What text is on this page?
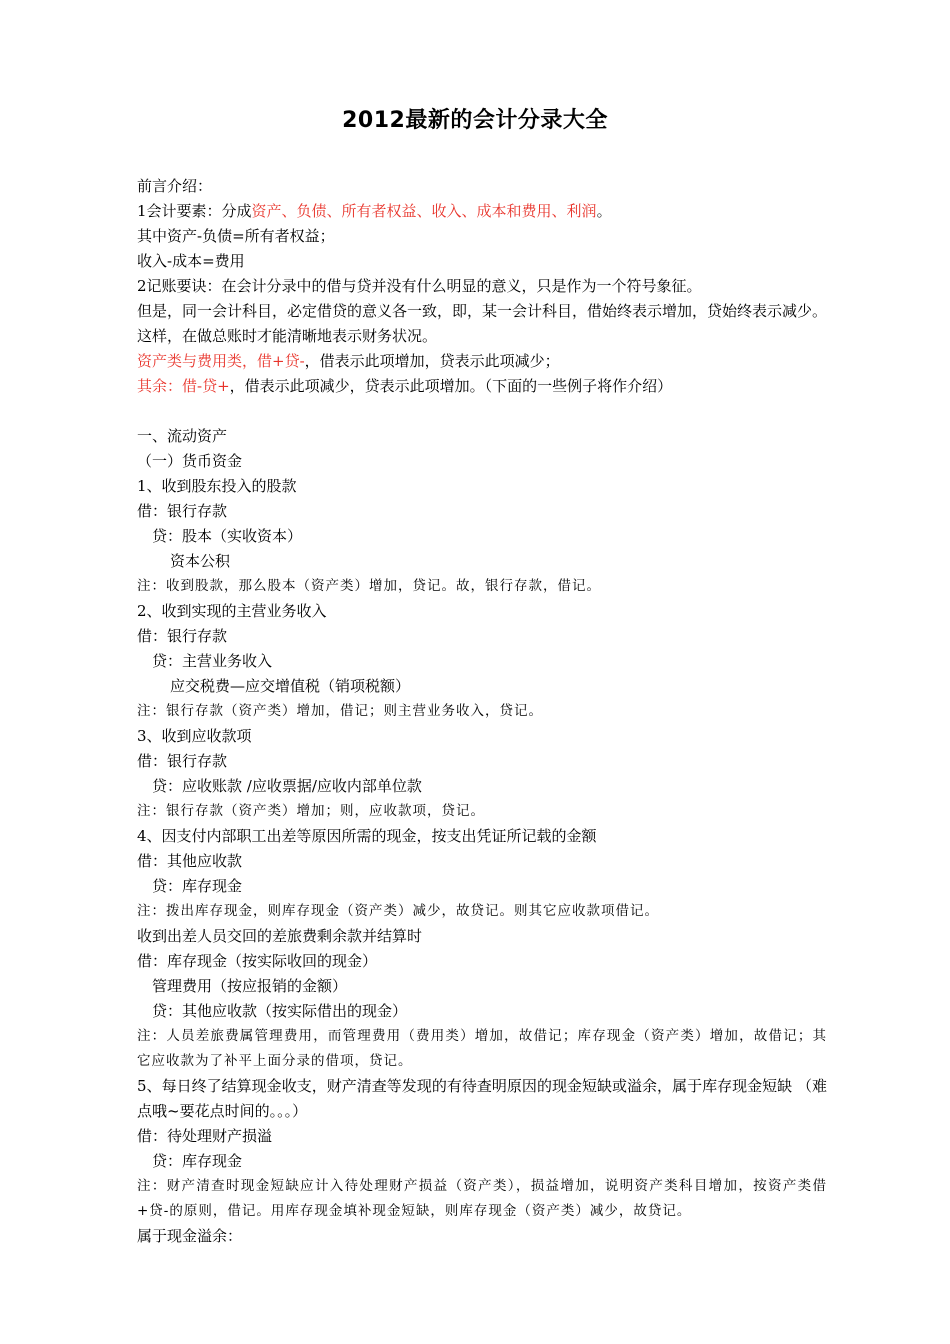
2012最新的会计分录大全
前言介绍：
1会计要素：分成资产、负债、所有者权益、收入、成本和费用、利润。
其中资产-负债=所有者权益；
收入-成本=费用
2记账要诀：在会计分录中的借与贷并没有什么明显的意义，只是作为一个符号象征。
但是，同一会计科目，必定借贷的意义各一致，即，某一会计科目，借始终表示增加，贷始终表示减少。这样，在做总账时才能清晰地表示财务状况。
资产类与费用类，借+贷-，借表示此项增加，贷表示此项减少；
其余：借-贷+，借表示此项减少，贷表示此项增加。（下面的一些例子将作介绍）
一、流动资产
（一）货币资金
1、收到股东投入的股款
借：银行存款
贷：股本（实收资本）
资本公积
注：收到股款，那么股本（资产类）增加，贷记。故，银行存款，借记。
2、收到实现的主营业务收入
借：银行存款
贷：主营业务收入
应交税费—应交增值税（销项税额）
注：银行存款（资产类）增加，借记；则主营业务收入，贷记。
3、收到应收款项
借：银行存款
贷：应收账款 /应收票据/应收内部单位款
注：银行存款（资产类）增加；则，应收款项，贷记。
4、因支付内部职工出差等原因所需的现金，按支出凭证所记载的金额
借：其他应收款
贷：库存现金
注：拨出库存现金，则库存现金（资产类）减少，故贷记。则其它应收款项借记。
收到出差人员交回的差旅费剩余款并结算时
借：库存现金（按实际收回的现金）
管理费用（按应报销的金额）
贷：其他应收款（按实际借出的现金）
注：人员差旅费属管理费用，而管理费用（费用类）增加，故借记；库存现金（资产类）增加，故借记；其它应收款为了补平上面分录的借项，贷记。
5、每日终了结算现金收支，财产清查等发现的有待查明原因的现金短缺或溢余，属于库存现金短缺 （难点哦~要花点时间的。。。）
借：待处理财产损溢
贷：库存现金
注：财产清查时现金短缺应计入待处理财产损益（资产类），损益增加，说明资产类科目增加，按资产类借+贷-的原则，借记。用库存现金填补现金短缺，则库存现金（资产类）减少，故贷记。
属于现金溢余：
